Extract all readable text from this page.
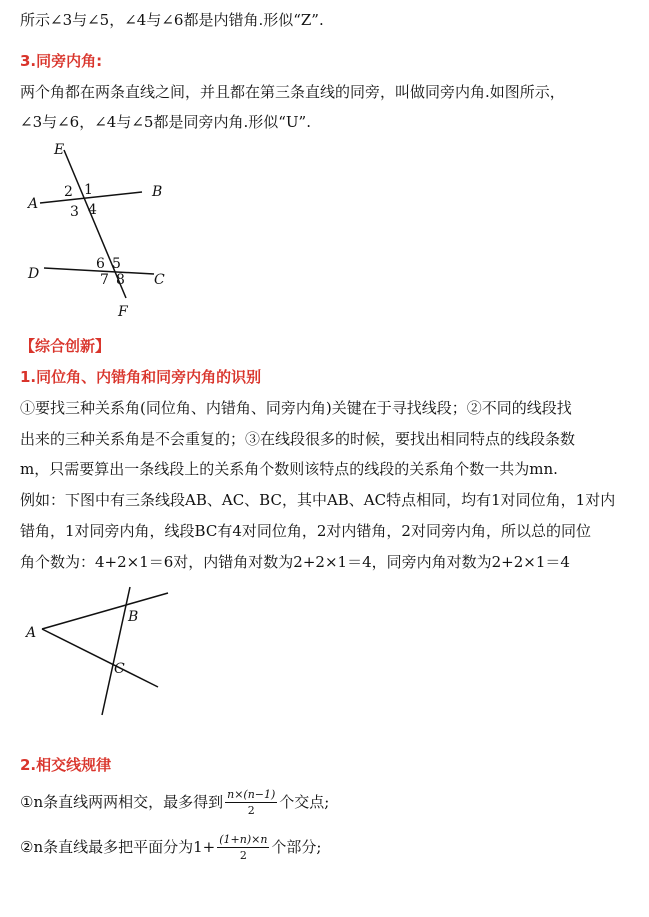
所示∠3与∠5，∠4与∠6都是内错角.形似“Z”.
3.同旁内角:
两个角都在两条直线之间，并且都在第三条直线的同旁，叫做同旁内角.如图所示，
∠3与∠6，∠4与∠5都是同旁内角.形似“U”.
E
A
B
D	C
F
2 1
3 4
6 5
7 8
【综合创新】
1.同位角、内错角和同旁内角的识别
①要找三种关系角(同位角、内错角、同旁内角)关键在于寻找线段；②不同的线段找
出来的三种关系角是不会重复的；③在线段很多的时候，要找出相同特点的线段条数
m，只需要算出一条线段上的关系角个数则该特点的线段的关系角个数一共为mn.
例如：下图中有三条线段AB、AC、BC，其中AB、AC特点相同，均有1对同位角，1对内
错角，1对同旁内角，线段BC有4对同位角，2对内错角，2对同旁内角，所以总的同位
角个数为：4+2×1＝6对，内错角对数为2+2×1＝4，同旁内角对数为2+2×1＝4
A
B
C
2.相交线规律
①n条直线两两相交，最多得到 $\frac{n\times(n-1)}{2}$ 个交点;
②n条直线最多把平面分为$1+ \frac{(1+n)\times n}{2}$ 个部分;
